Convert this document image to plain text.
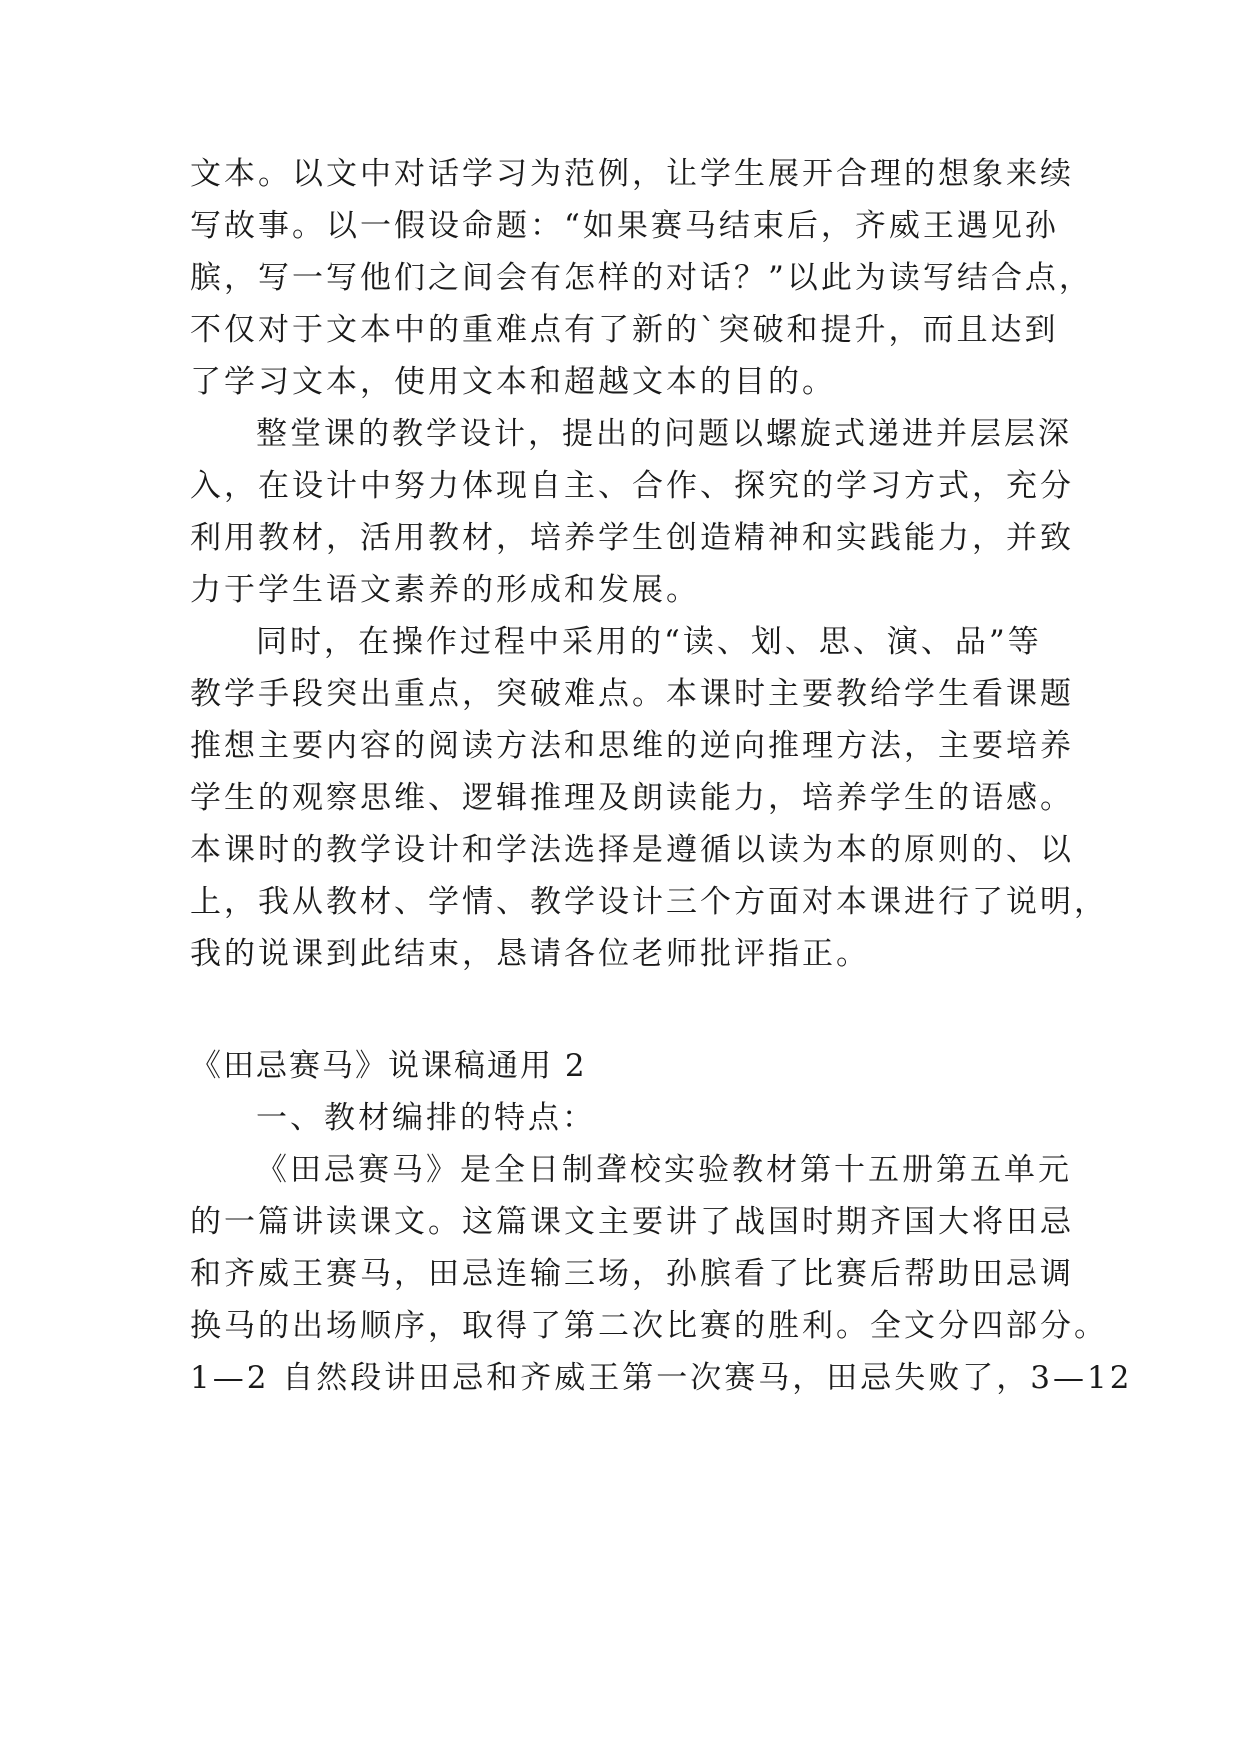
文本。以文中对话学习为范例，让学生展开合理的想象来续

写故事。以一假设命题：“如果赛马结束后，齐威王遇见孙

膑，写一写他们之间会有怎样的对话？”以此为读写结合点，

不仅对于文本中的重难点有了新的`突破和提升，而且达到

了学习文本，使用文本和超越文本的目的。

整堂课的教学设计，提出的问题以螺旋式递进并层层深

入，在设计中努力体现自主、合作、探究的学习方式，充分

利用教材，活用教材，培养学生创造精神和实践能力，并致

力于学生语文素养的形成和发展。

同时，在操作过程中采用的“读、划、思、演、品”等

教学手段突出重点，突破难点。本课时主要教给学生看课题

推想主要内容的阅读方法和思维的逆向推理方法，主要培养

学生的观察思维、逻辑推理及朗读能力，培养学生的语感。

本课时的教学设计和学法选择是遵循以读为本的原则的、以

上，我从教材、学情、教学设计三个方面对本课进行了说明，

我的说课到此结束，恳请各位老师批评指正。

《田忌赛马》说课稿通用 2

一、教材编排的特点：

《田忌赛马》是全日制聋校实验教材第十五册第五单元

的一篇讲读课文。这篇课文主要讲了战国时期齐国大将田忌

和齐威王赛马，田忌连输三场，孙膑看了比赛后帮助田忌调

换马的出场顺序，取得了第二次比赛的胜利。全文分四部分。

1—2 自然段讲田忌和齐威王第一次赛马，田忌失败了，3—12
